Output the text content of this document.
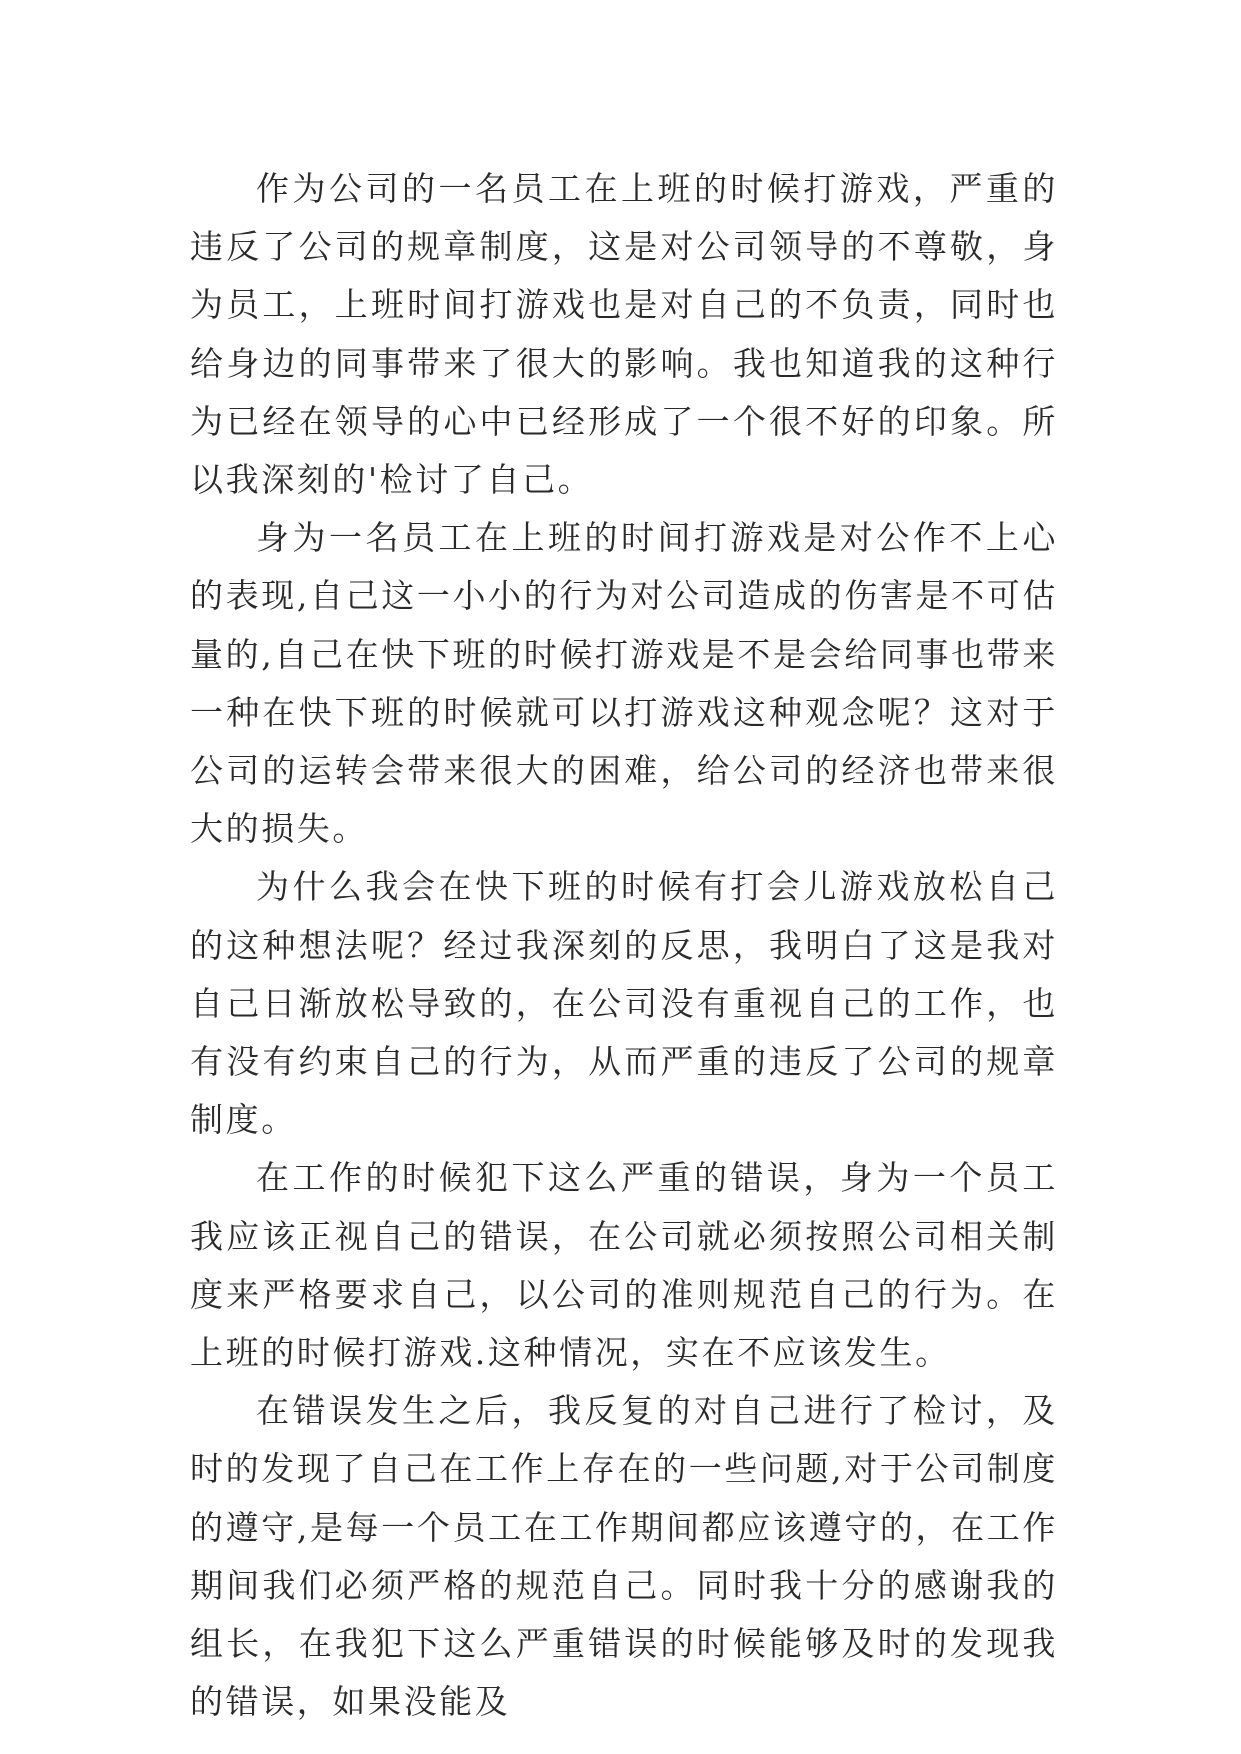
作为公司的一名员工在上班的时候打游戏，严重的违反了公司的规章制度，这是对公司领导的不尊敬，身为员工，上班时间打游戏也是对自己的不负责，同时也给身边的同事带来了很大的影响。我也知道我的这种行为已经在领导的心中已经形成了一个很不好的印象。所以我深刻的'检讨了自己。

身为一名员工在上班的时间打游戏是对公作不上心的表现,自己这一小小的行为对公司造成的伤害是不可估量的,自己在快下班的时候打游戏是不是会给同事也带来一种在快下班的时候就可以打游戏这种观念呢？这对于公司的运转会带来很大的困难，给公司的经济也带来很大的损失。

为什么我会在快下班的时候有打会儿游戏放松自己的这种想法呢？经过我深刻的反思，我明白了这是我对自己日渐放松导致的，在公司没有重视自己的工作，也有没有约束自己的行为，从而严重的违反了公司的规章制度。

在工作的时候犯下这么严重的错误，身为一个员工我应该正视自己的错误，在公司就必须按照公司相关制度来严格要求自己，以公司的准则规范自己的行为。在上班的时候打游戏.这种情况，实在不应该发生。

在错误发生之后，我反复的对自己进行了检讨，及时的发现了自己在工作上存在的一些问题,对于公司制度的遵守,是每一个员工在工作期间都应该遵守的，在工作期间我们必须严格的规范自己。同时我十分的感谢我的组长，在我犯下这么严重错误的时候能够及时的发现我的错误，如果没能及
